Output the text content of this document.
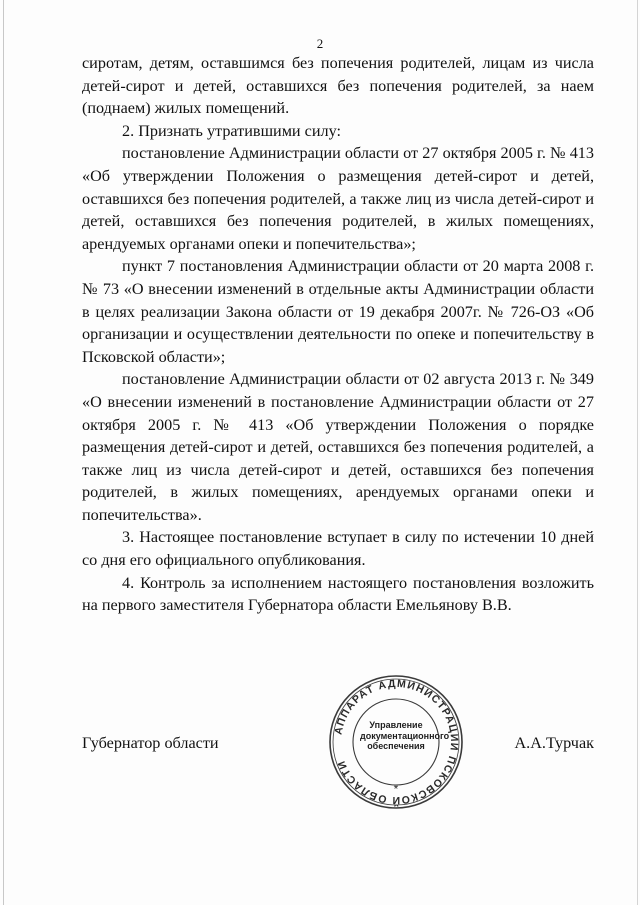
2

сиротам, детям, оставшимся без попечения родителей, лицам из числа детей-сирот и детей, оставшихся без попечения родителей, за наем (поднаем) жилых помещений.

2. Признать утратившими силу:

постановление Администрации области от 27 октября 2005 г. № 413 «Об утверждении Положения о размещения детей-сирот и детей, оставшихся без попечения родителей, а также лиц из числа детей-сирот и детей, оставшихся без попечения родителей, в жилых помещениях, арендуемых органами опеки и попечительства»;

пункт 7 постановления Администрации области от 20 марта 2008 г. № 73 «О внесении изменений в отдельные акты Администрации области в целях реализации Закона области от 19 декабря 2007г. № 726-ОЗ «Об организации и осуществлении деятельности по опеке и попечительству в Псковской области»;

постановление Администрации области от 02 августа 2013 г. № 349 «О внесении изменений в постановление Администрации области от 27 октября 2005 г. № 413 «Об утверждении Положения о порядке размещения детей-сирот и детей, оставшихся без попечения родителей, а также лиц из числа детей-сирот и детей, оставшихся без попечения родителей, в жилых помещениях, арендуемых органами опеки и попечительства».

3. Настоящее постановление вступает в силу по истечении 10 дней со дня его официального опубликования.

4. Контроль за исполнением настоящего постановления возложить на первого заместителя Губернатора области Емельянову В.В.

Губернатор области	А.А.Турчак
АППАРАТ АДМИНИСТРАЦИИ ПСКОВСКОЙ ОБЛАСТИ
*
Управление
документационного
обеспечения
